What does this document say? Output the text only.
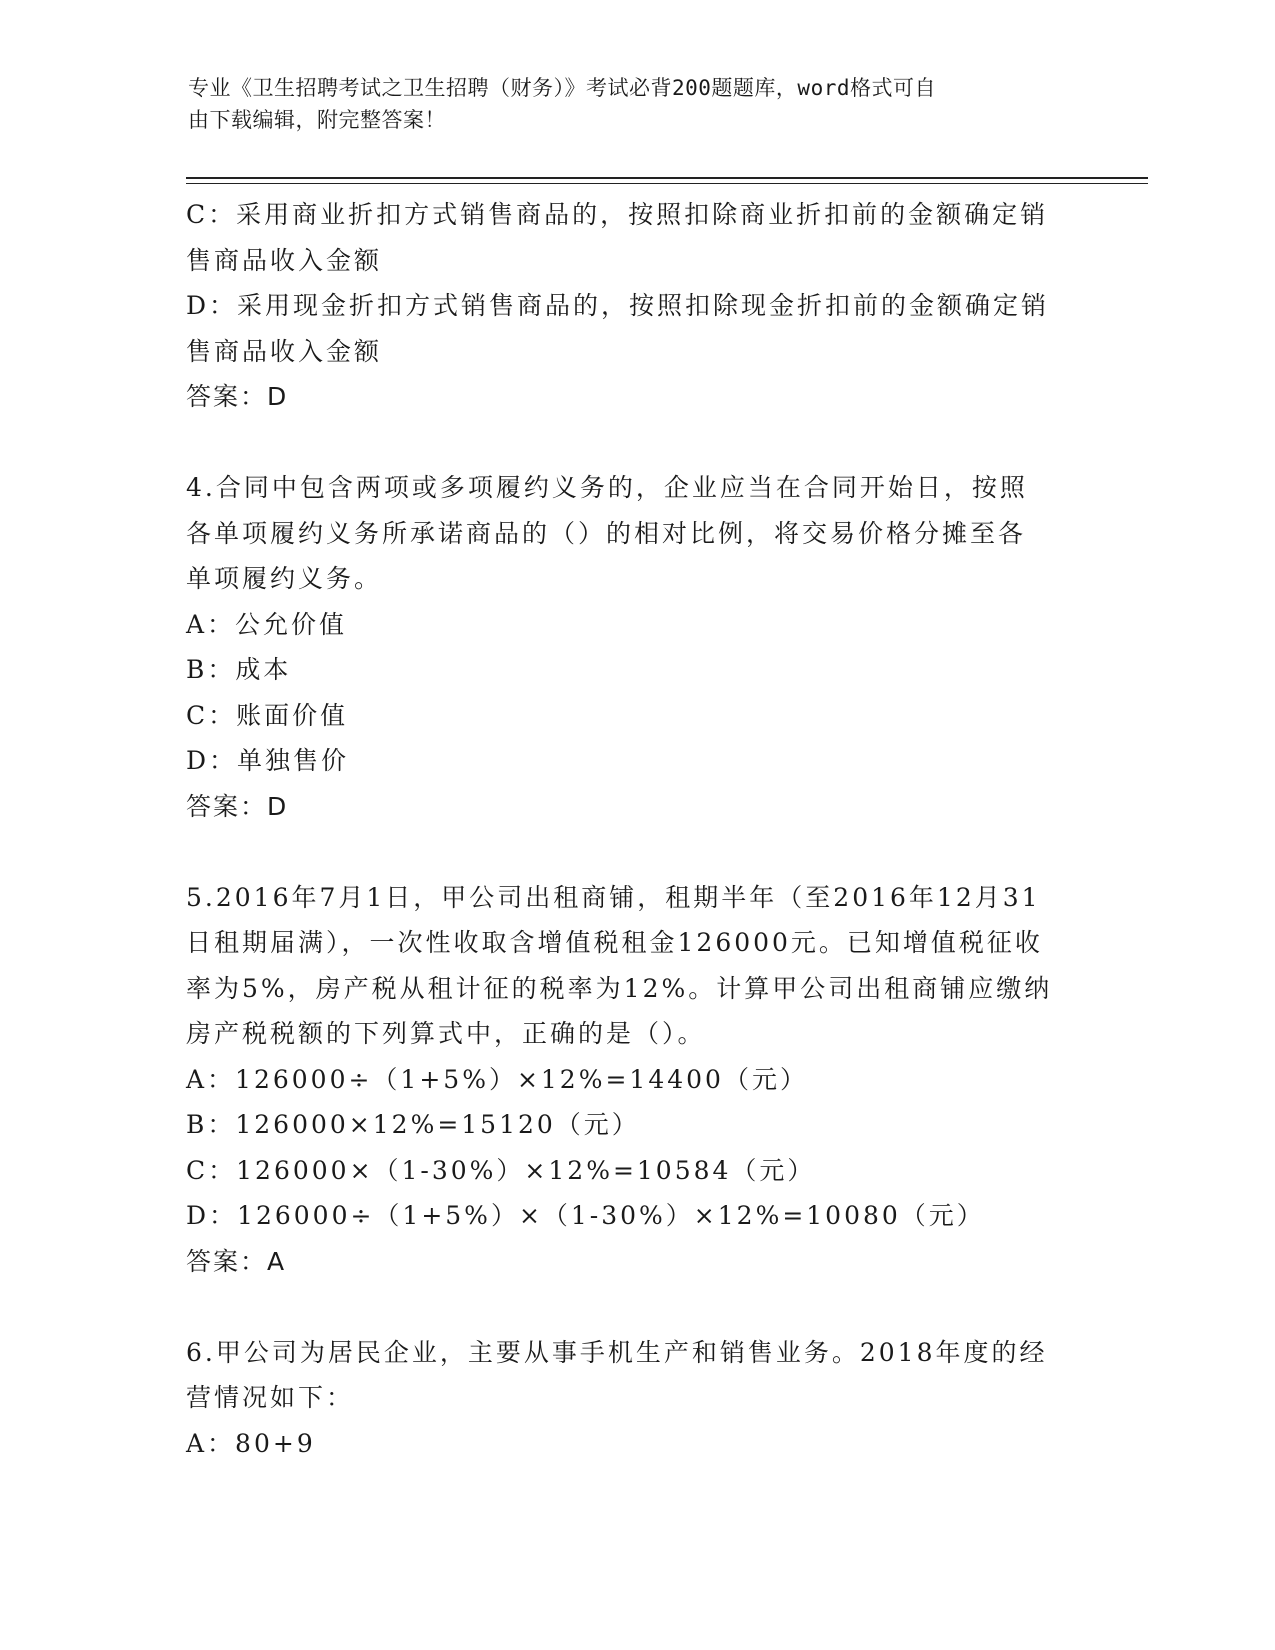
专业《卫生招聘考试之卫生招聘（财务）》考试必背200题题库，word格式可自
由下载编辑，附完整答案！
C：采用商业折扣方式销售商品的，按照扣除商业折扣前的金额确定销
售商品收入金额
D：采用现金折扣方式销售商品的，按照扣除现金折扣前的金额确定销
售商品收入金额
答案：D
4.合同中包含两项或多项履约义务的，企业应当在合同开始日，按照
各单项履约义务所承诺商品的（）的相对比例，将交易价格分摊至各
单项履约义务。
A：公允价值
B：成本
C：账面价值
D：单独售价
答案：D
5.2016年7月1日，甲公司出租商铺，租期半年（至2016年12月31
日租期届满），一次性收取含增值税租金126000元。已知增值税征收
率为5%，房产税从租计征的税率为12%。计算甲公司出租商铺应缴纳
房产税税额的下列算式中，正确的是（）。
A：126000÷（1+5%）×12%=14400（元）
B：126000×12%=15120（元）
C：126000×（1-30%）×12%=10584（元）
D：126000÷（1+5%）×（1-30%）×12%=10080（元）
答案：A
6.甲公司为居民企业，主要从事手机生产和销售业务。2018年度的经
营情况如下：
A：80+9
